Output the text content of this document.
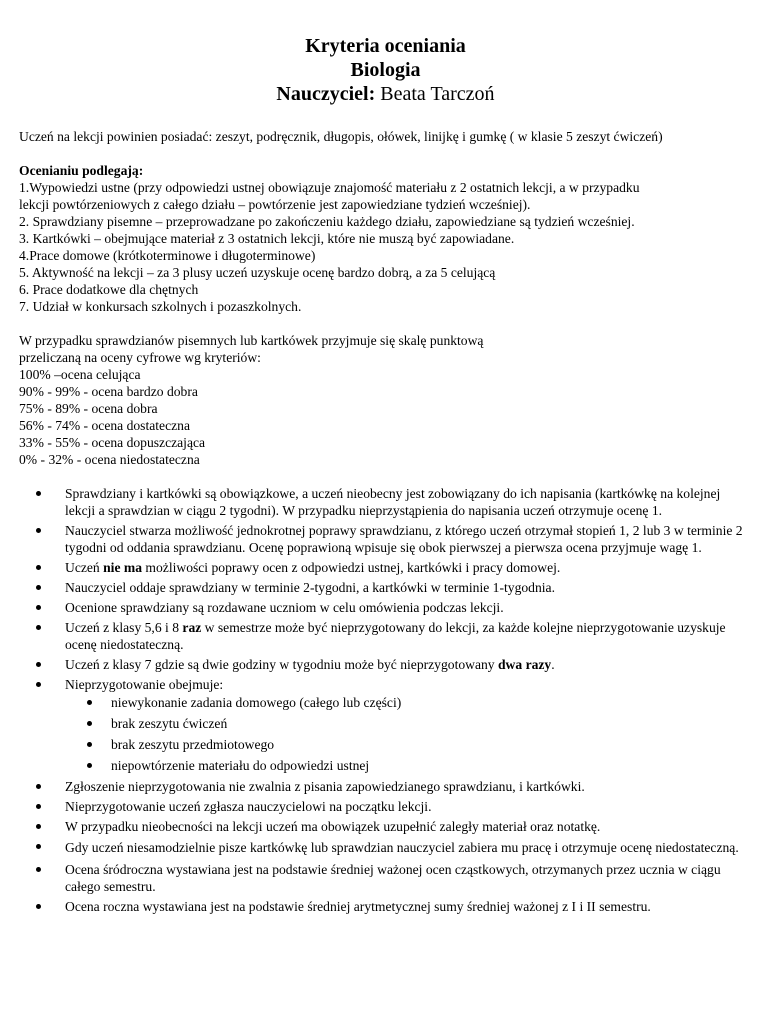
Kryteria oceniania

Biologia

Nauczyciel: Beata Tarczoń

Uczeń na lekcji powinien posiadać: zeszyt, podręcznik, długopis, ołówek, linijkę i gumkę ( w klasie 5 zeszyt ćwiczeń)
Ocenianiu podlegają:
1.Wypowiedzi ustne (przy odpowiedzi ustnej obowiązuje znajomość materiału z 2 ostatnich lekcji, a w przypadku
lekcji powtórzeniowych z całego działu – powtórzenie jest zapowiedziane tydzień wcześniej).
2. Sprawdziany pisemne – przeprowadzane po zakończeniu każdego działu, zapowiedziane są tydzień wcześniej.
3. Kartkówki – obejmujące materiał z 3 ostatnich lekcji, które nie muszą być zapowiadane.
4.Prace domowe (krótkoterminowe i długoterminowe)
5. Aktywność na lekcji – za 3 plusy uczeń uzyskuje ocenę bardzo dobrą, a za 5 celującą
6. Prace dodatkowe dla chętnych
7. Udział w konkursach szkolnych i pozaszkolnych.
W przypadku sprawdzianów pisemnych lub kartkówek przyjmuje się skalę punktową
przeliczaną na oceny cyfrowe wg kryteriów:
100% –ocena celująca
90% - 99% - ocena bardzo dobra
75% - 89% - ocena dobra
56% - 74% - ocena dostateczna
33% - 55% - ocena dopuszczająca
0% - 32% - ocena niedostateczna
Sprawdziany i kartkówki są obowiązkowe, a uczeń nieobecny jest zobowiązany do ich napisania (kartkówkę na kolejnej lekcji a sprawdzian w ciągu 2 tygodni). W przypadku nieprzystąpienia do napisania uczeń otrzymuje ocenę 1.
Nauczyciel stwarza możliwość jednokrotnej poprawy sprawdzianu, z którego uczeń otrzymał stopień 1, 2 lub 3 w terminie 2 tygodni od oddania sprawdzianu. Ocenę poprawioną wpisuje się obok pierwszej a pierwsza ocena przyjmuje wagę 1.
Uczeń nie ma możliwości poprawy ocen z odpowiedzi ustnej, kartkówki i pracy domowej.
Nauczyciel oddaje sprawdziany w terminie 2-tygodni, a kartkówki w terminie 1-tygodnia.
Ocenione sprawdziany są rozdawane uczniom w celu omówienia podczas lekcji.
Uczeń z klasy 5,6 i 8 raz w semestrze może być nieprzygotowany do lekcji, za każde kolejne nieprzygotowanie uzyskuje ocenę niedostateczną.
Uczeń z klasy 7 gdzie są dwie godziny w tygodniu może być nieprzygotowany dwa razy.
Nieprzygotowanie obejmuje:
niewykonanie zadania domowego (całego lub części)
brak zeszytu ćwiczeń
brak zeszytu przedmiotowego
niepowtórzenie materiału do odpowiedzi ustnej
Zgłoszenie nieprzygotowania nie zwalnia z pisania zapowiedzianego sprawdzianu, i kartkówki.
Nieprzygotowanie uczeń zgłasza nauczycielowi na początku lekcji.
W przypadku nieobecności na lekcji uczeń ma obowiązek uzupełnić zaległy materiał oraz notatkę.
Gdy uczeń niesamodzielnie pisze kartkówkę lub sprawdzian nauczyciel zabiera mu pracę i otrzymuje ocenę niedostateczną.
Ocena śródroczna wystawiana jest na podstawie średniej ważonej ocen cząstkowych, otrzymanych przez ucznia w ciągu całego semestru.
Ocena roczna wystawiana jest na podstawie średniej arytmetycznej sumy średniej ważonej z I i II semestru.
